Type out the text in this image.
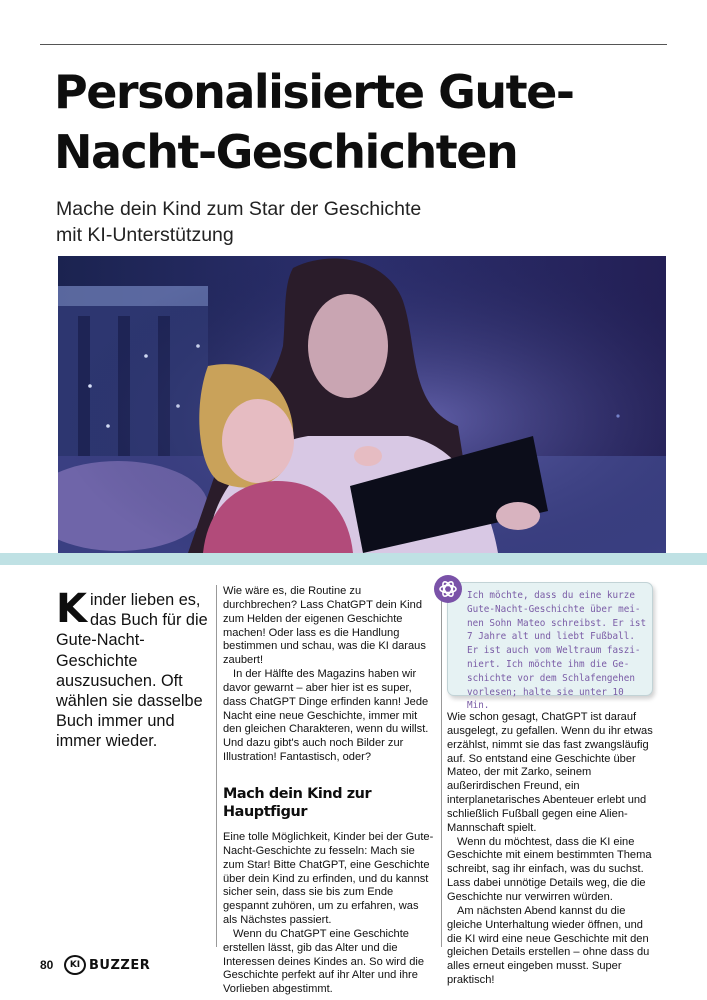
Personalisierte Gute-Nacht-Geschichten
Mache dein Kind zum Star der Geschichte
mit KI-Unterstützung
Kinder lieben es, das Buch für die Gute-Nacht-Geschichte auszusuchen. Oft wählen sie dasselbe Buch immer und immer wieder.

Wie wäre es, die Routine zu durchbrechen? Lass ChatGPT dein Kind zum Helden der eigenen Geschichte machen! Oder lass es die Handlung bestimmen und schau, was die KI daraus zaubert!

In der Hälfte des Magazins haben wir davor gewarnt – aber hier ist es super, dass ChatGPT Dinge erfinden kann! Jede Nacht eine neue Geschichte, immer mit den gleichen Charakteren, wenn du willst. Und dazu gibt's auch noch Bilder zur Illustration! Fantastisch, oder?

Mach dein Kind zur Hauptfigur

Eine tolle Möglichkeit, Kinder bei der Gute-Nacht-Geschichte zu fesseln: Mach sie zum Star! Bitte ChatGPT, eine Geschichte über dein Kind zu erfinden, und du kannst sicher sein, dass sie bis zum Ende gespannt zuhören, um zu erfahren, was als Nächstes passiert.

Wenn du ChatGPT eine Geschichte erstellen lässt, gib das Alter und die Interessen deines Kindes an. So wird die Geschichte perfekt auf ihr Alter und ihre Vorlieben abgestimmt.

Ich möchte, dass du eine kurze
Gute-Nacht-Geschichte über mei-
nen Sohn Mateo schreibst. Er ist
7 Jahre alt und liebt Fußball.
Er ist auch vom Weltraum faszi-
niert. Ich möchte ihm die Ge-
schichte vor dem Schlafengehen
vorlesen; halte sie unter 10 Min.

Wie schon gesagt, ChatGPT ist darauf ausgelegt, zu gefallen. Wenn du ihr etwas erzählst, nimmt sie das fast zwangsläufig auf. So entstand eine Geschichte über Mateo, der mit Zarko, seinem außerirdischen Freund, ein interplanetarisches Abenteuer erlebt und schließlich Fußball gegen eine Alien-Mannschaft spielt.

Wenn du möchtest, dass die KI eine Geschichte mit einem bestimmten Thema schreibt, sag ihr einfach, was du suchst. Lass dabei unnötige Details weg, die die Geschichte nur verwirren würden.

Am nächsten Abend kannst du die gleiche Unterhaltung wieder öffnen, und die KI wird eine neue Geschichte mit den gleichen Details erstellen – ohne dass du alles erneut eingeben musst. Super praktisch!

80	KI BUZZER
